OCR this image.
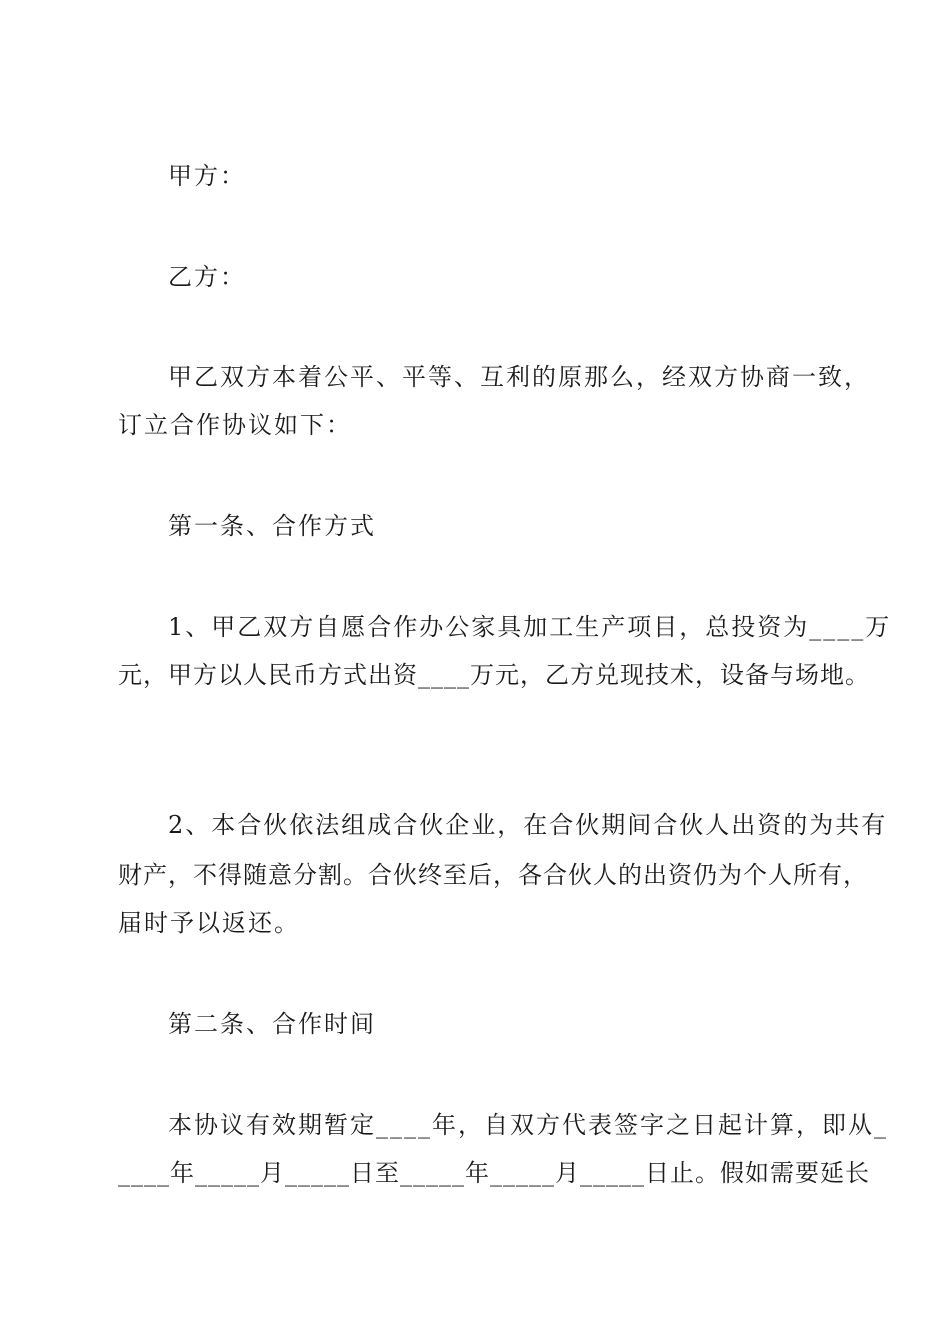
甲方：
乙方：
甲乙双方本着公平、平等、互利的原那么，经双方协商一致，
订立合作协议如下：
第一条、合作方式
1、甲乙双方自愿合作办公家具加工生产项目，总投资为____万
元，甲方以人民币方式出资____万元，乙方兑现技术，设备与场地。
2、本合伙依法组成合伙企业，在合伙期间合伙人出资的为共有
财产，不得随意分割。合伙终至后，各合伙人的出资仍为个人所有，
届时予以返还。
第二条、合作时间
本协议有效期暂定____年，自双方代表签字之日起计算，即从_
____年_____月_____日至_____年_____月_____日止。假如需要延长
